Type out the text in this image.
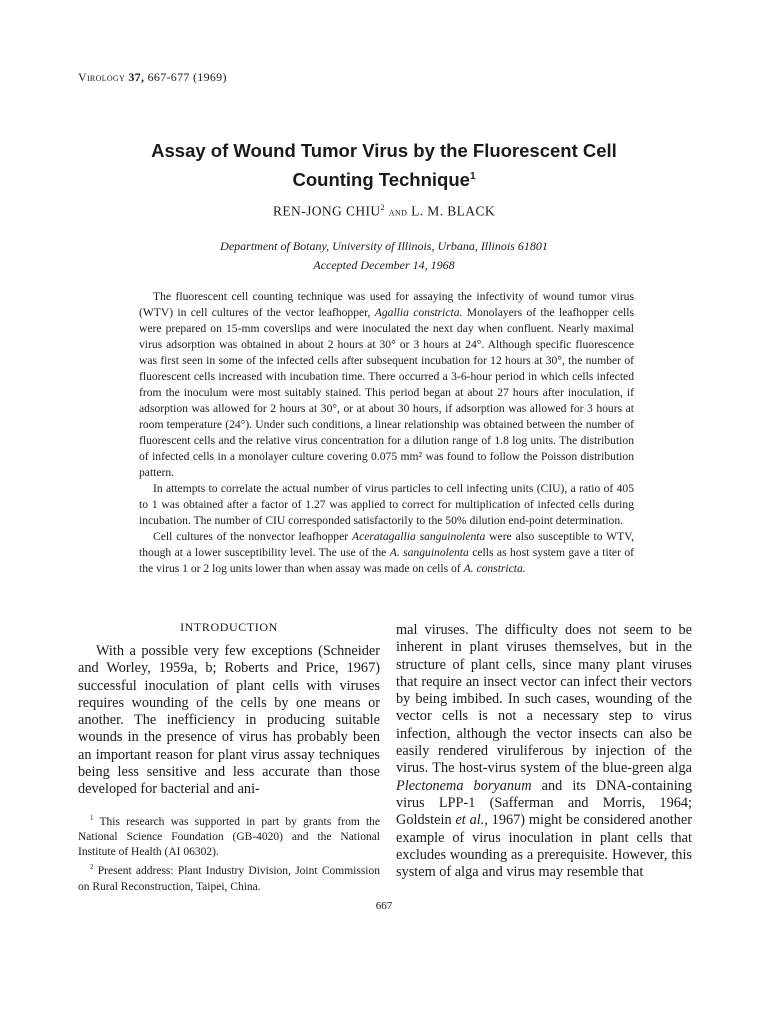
Virology 37, 667-677 (1969)
Assay of Wound Tumor Virus by the Fluorescent Cell
Counting Technique$^1$
REN-JONG CHIU$^2$ and L. M. BLACK
Department of Botany, University of Illinois, Urbana, Illinois 61801
Accepted December 14, 1968

The fluorescent cell counting technique was used for assaying the infectivity of wound tumor virus (WTV) in cell cultures of the vector leafhopper, Agallia constricta. Monolayers of the leafhopper cells were prepared on 15-mm coverslips and were inoculated the next day when confluent. Nearly maximal virus adsorption was obtained in about 2 hours at 30° or 3 hours at 24°. Although specific fluorescence was first seen in some of the infected cells after subsequent incubation for 12 hours at 30°, the number of fluorescent cells increased with incubation time. There occurred a 3-6-hour period in which cells infected from the inoculum were most suitably stained. This period began at about 27 hours after inoculation, if adsorption was allowed for 2 hours at 30°, or at about 30 hours, if adsorption was allowed for 3 hours at room temperature (24°). Under such conditions, a linear relationship was obtained between the number of fluorescent cells and the relative virus concentration for a dilution range of 1.8 log units. The distribution of infected cells in a monolayer culture covering 0.075 mm² was found to follow the Poisson distribution pattern.

In attempts to correlate the actual number of virus particles to cell infecting units (CIU), a ratio of 405 to 1 was obtained after a factor of 1.27 was applied to correct for multiplication of infected cells during incubation. The number of CIU corresponded satisfactorily to the 50% dilution end-point determination.

Cell cultures of the nonvector leafhopper Aceratagallia sanguinolenta were also susceptible to WTV, though at a lower susceptibility level. The use of the A. sanguinolenta cells as host system gave a titer of the virus 1 or 2 log units lower than when assay was made on cells of A. constricta.

INTRODUCTION

With a possible very few exceptions (Schneider and Worley, 1959a, b; Roberts and Price, 1967) successful inoculation of plant cells with viruses requires wounding of the cells by one means or another. The inefficiency in producing suitable wounds in the presence of virus has probably been an important reason for plant virus assay techniques being less sensitive and less accurate than those developed for bacterial and ani-

$^1$ This research was supported in part by grants from the National Science Foundation (GB-4020) and the National Institute of Health (AI 06302).

$^2$ Present address: Plant Industry Division, Joint Commission on Rural Reconstruction, Taipei, China.

mal viruses. The difficulty does not seem to be inherent in plant viruses themselves, but in the structure of plant cells, since many plant viruses that require an insect vector can infect their vectors by being imbibed. In such cases, wounding of the vector cells is not a necessary step to virus infection, although the vector insects can also be easily rendered viruliferous by injection of the virus. The host-virus system of the blue-green alga Plectonema boryanum and its DNA-containing virus LPP-1 (Safferman and Morris, 1964; Goldstein et al., 1967) might be considered another example of virus inoculation in plant cells that excludes wounding as a prerequisite. However, this system of alga and virus may resemble that

667
